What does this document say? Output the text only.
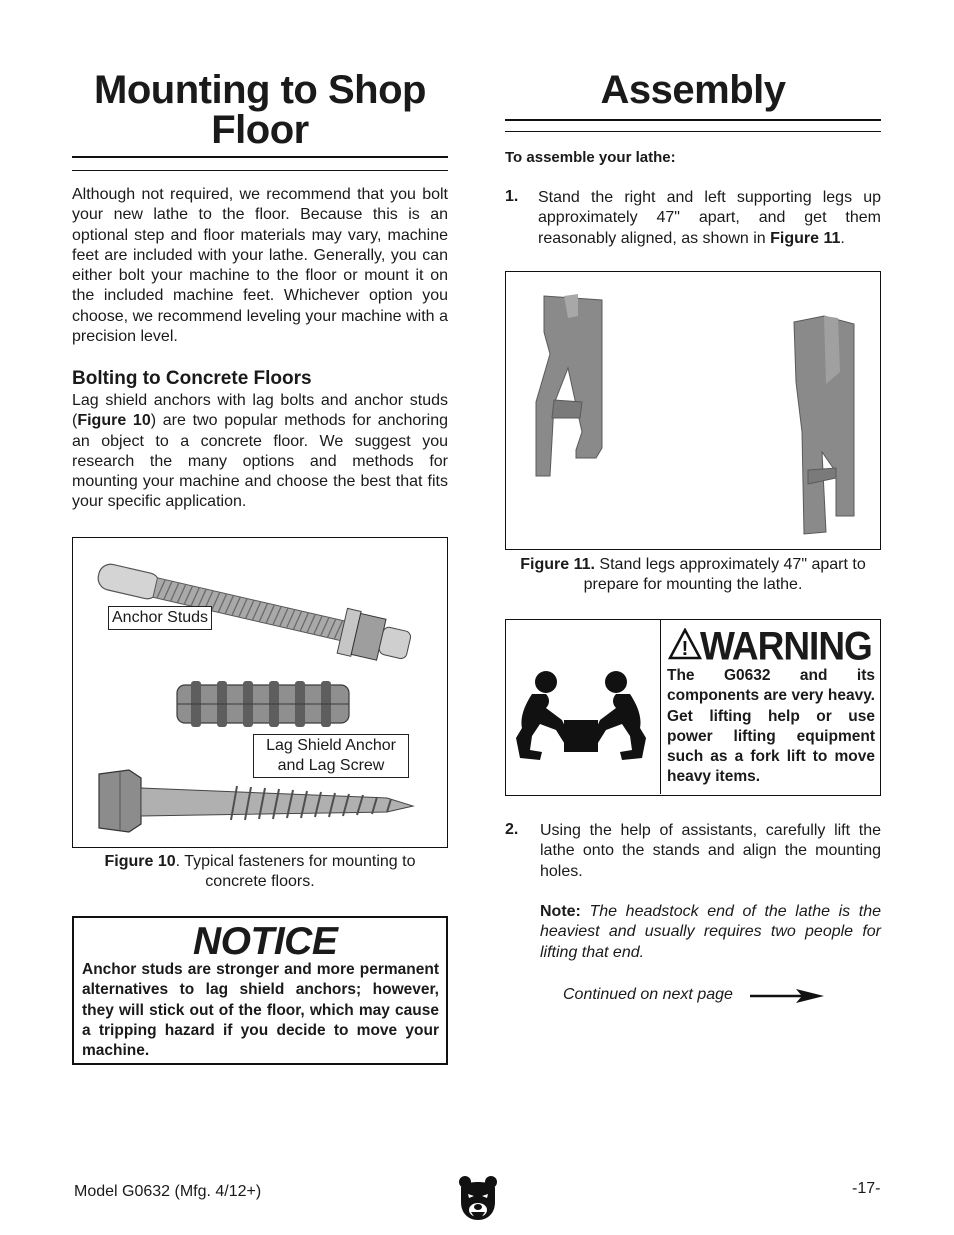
Mounting to Shop
Floor
Although not required, we recommend that you bolt your new lathe to the floor. Because this is an optional step and floor materials may vary, machine feet are included with your lathe. Generally, you can either bolt your machine to the floor or mount it on the included machine feet. Whichever option you choose, we recommend leveling your machine with a precision level.
Bolting to Concrete Floors
Lag shield anchors with lag bolts and anchor studs (Figure 10) are two popular methods for anchoring an object to a concrete floor. We suggest you research the many options and methods for mounting your machine and choose the best that fits your specific application.
Anchor Studs
Lag Shield Anchor
and Lag Screw
Figure 10. Typical fasteners for mounting to concrete floors.
NOTICE
Anchor studs are stronger and more permanent alternatives to lag shield anchors; however, they will stick out of the floor, which may cause a tripping hazard if you decide to move your machine.
Assembly
To assemble your lathe:
1. Stand the right and left supporting legs up approximately 47" apart, and get them reasonably aligned, as shown in Figure 11.
Figure 11. Stand legs approximately 47" apart to prepare for mounting the lathe.
! WARNING
The G0632 and its components are very heavy. Get lifting help or use power lifting equipment such as a fork lift to move heavy items.
2. Using the help of assistants, carefully lift the lathe onto the stands and align the mounting holes.
Note: The headstock end of the lathe is the heaviest and usually requires two people for lifting that end.
Continued on next page
Model G0632 (Mfg. 4/12+)	-17-
